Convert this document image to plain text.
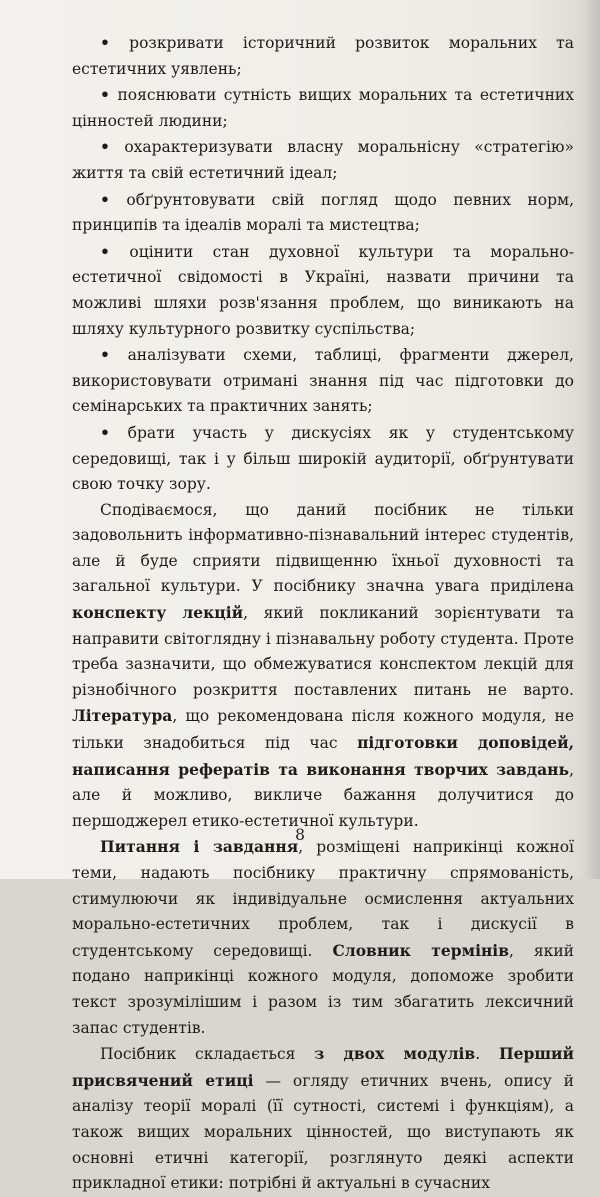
• розкривати історичний розвиток моральних та естетичних уявлень;

• пояснювати сутність вищих моральних та естетичних цінностей людини;

• охарактеризувати власну моральнісну «стратегію» життя та свій естетичний ідеал;

• обґрунтовувати свій погляд щодо певних норм, принципів та ідеалів моралі та мистецтва;

• оцінити стан духовної культури та морально-естетичної свідомості в Україні, назвати причини та можливі шляхи розв'язання проблем, що виникають на шляху культурного розвитку суспільства;

• аналізувати схеми, таблиці, фрагменти джерел, використовувати отримані знання під час підготовки до семінарських та практичних занять;

• брати участь у дискусіях як у студентському середовищі, так і у більш широкій аудиторії, обґрунтувати свою точку зору.

Сподіваємося, що даний посібник не тільки задовольнить інформативно-пізнавальний інтерес студентів, але й буде сприяти підвищенню їхньої духовності та загальної культури. У посібнику значна увага приділена конспекту лекцій, який покликаний зорієнтувати та направити світоглядну і пізнавальну роботу студента. Проте треба зазначити, що обмежуватися конспектом лекцій для різнобічного розкриття поставлених питань не варто. Література, що рекомендована після кожного модуля, не тільки знадобиться під час підготовки доповідей, написання рефератів та виконання творчих завдань, але й можливо, викличе бажання долучитися до першоджерел етико-естетичної культури.

Питання і завдання, розміщені наприкінці кожної теми, надають посібнику практичну спрямованість, стимулюючи як індивідуальне осмислення актуальних морально-естетичних проблем, так і дискусії в студентському середовищі. Словник термінів, який подано наприкінці кожного модуля, допоможе зробити текст зрозумілішим і разом із тим збагатить лексичний запас студентів.

Посібник складається з двох модулів. Перший присвячений етиці — огляду етичних вчень, опису й аналізу теорії моралі (її сутності, системі і функціям), а також вищих моральних цінностей, що виступають як основні етичні категорії, розглянуто деякі аспекти прикладної етики: потрібні й актуальні в сучасних

8
